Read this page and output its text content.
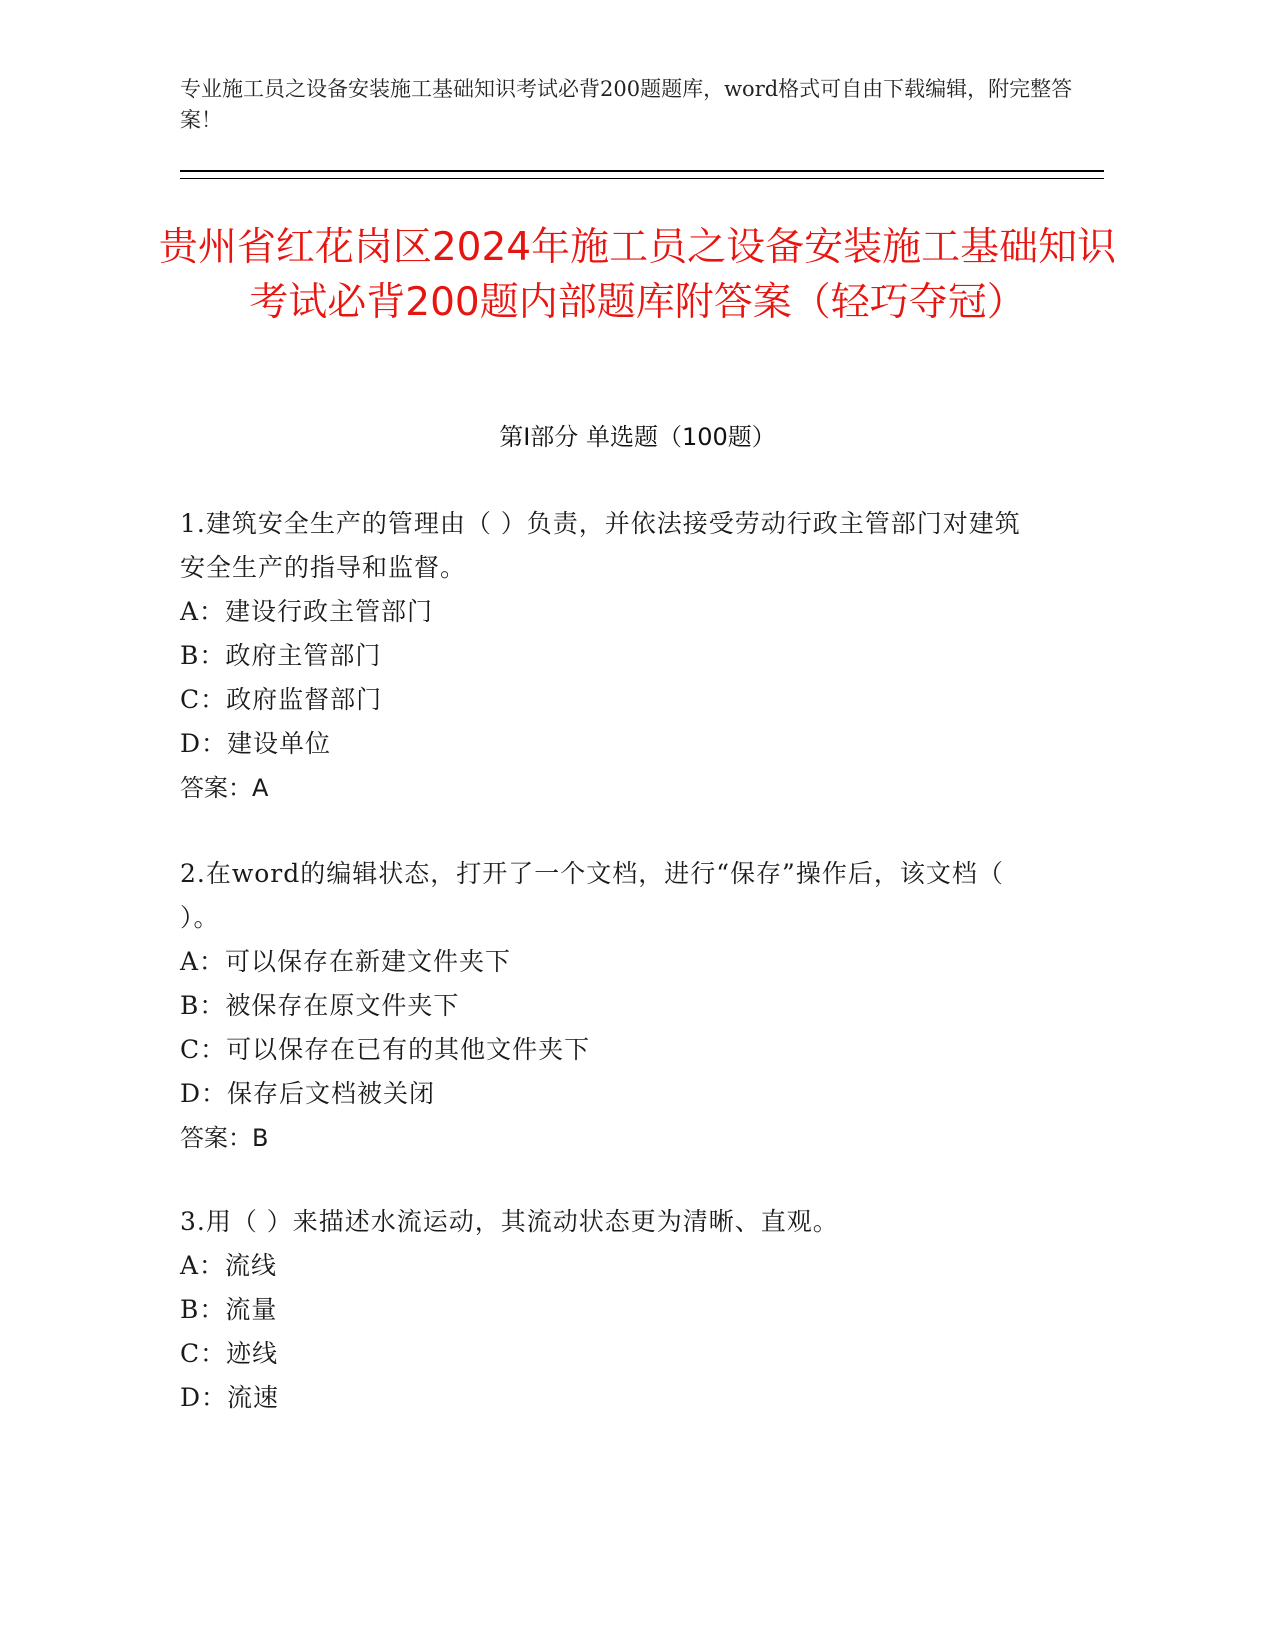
专业施工员之设备安装施工基础知识考试必背200题题库，word格式可自由下载编辑，附完整答案！
贵州省红花岗区2024年施工员之设备安装施工基础知识考试必背200题内部题库附答案（轻巧夺冠）
第Ⅰ部分 单选题（100题）
1.建筑安全生产的管理由（ ）负责，并依法接受劳动行政主管部门对建筑安全生产的指导和监督。
A：建设行政主管部门
B：政府主管部门
C：政府监督部门
D：建设单位
答案：A
2.在word的编辑状态，打开了一个文档，进行“保存”操作后，该文档（ ）。
A：可以保存在新建文件夹下
B：被保存在原文件夹下
C：可以保存在已有的其他文件夹下
D：保存后文档被关闭
答案：B
3.用（ ）来描述水流运动，其流动状态更为清晰、直观。
A：流线
B：流量
C：迹线
D：流速
